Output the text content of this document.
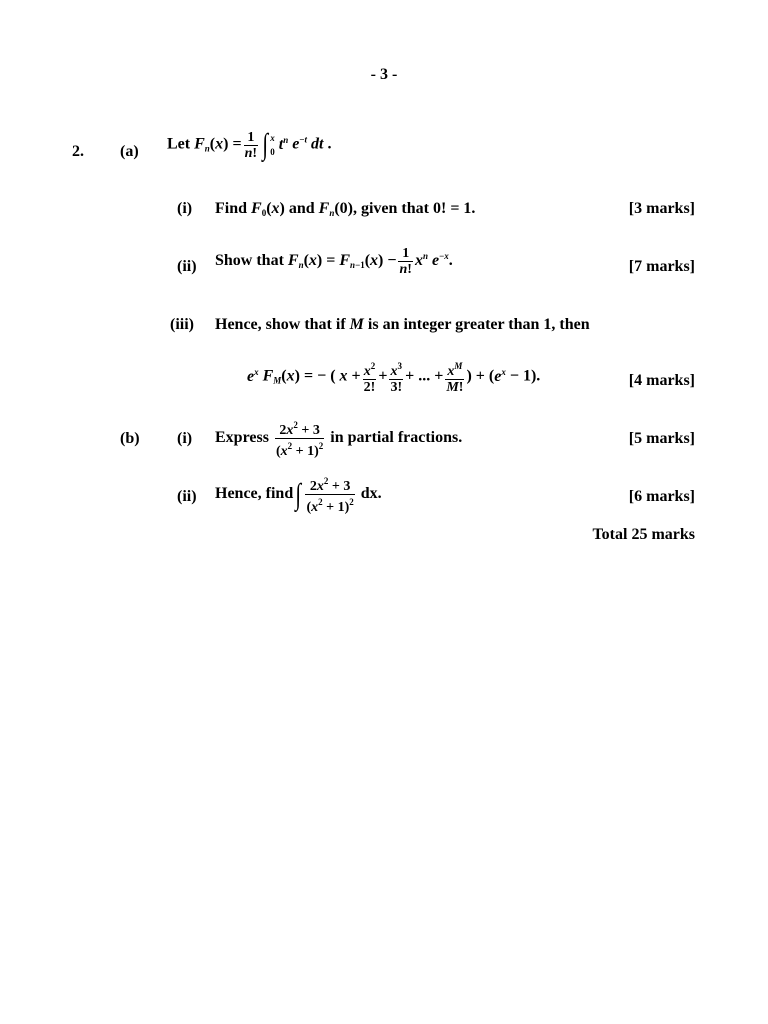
- 3 -
2. (a) Let $F_n(x) = \frac{1}{n!}$ ∫ x
0 $t^n$ $e^{-t}$ dt .
(i) Find $F_0(x)$ and $F_n(0)$, given that 0! = 1.	[3 marks]
(ii) Show that $F_n(x) = F_{n-1}(x) - \frac{1}{n!} x^n$ $e^{-x}$.	[7 marks]
(iii) Hence, show that if M is an integer greater than 1, then
$e^x$ $F_M(x)$ = − ( $x + \frac{x^2}{2!} + \frac{x^3}{3!}$ + ... + $\frac{x^M}{M!}$ ) + $(e^x - 1)$.	[4 marks]
(b) (i) Express $\frac{2x^2 + 3}{(x^2 + 1)^2}$ in partial fractions.	[5 marks]
(ii) Hence, find∫ $\frac{2x^2 + 3}{(x^2 + 1)^2}$ dx.	[6 marks]
Total 25 marks
